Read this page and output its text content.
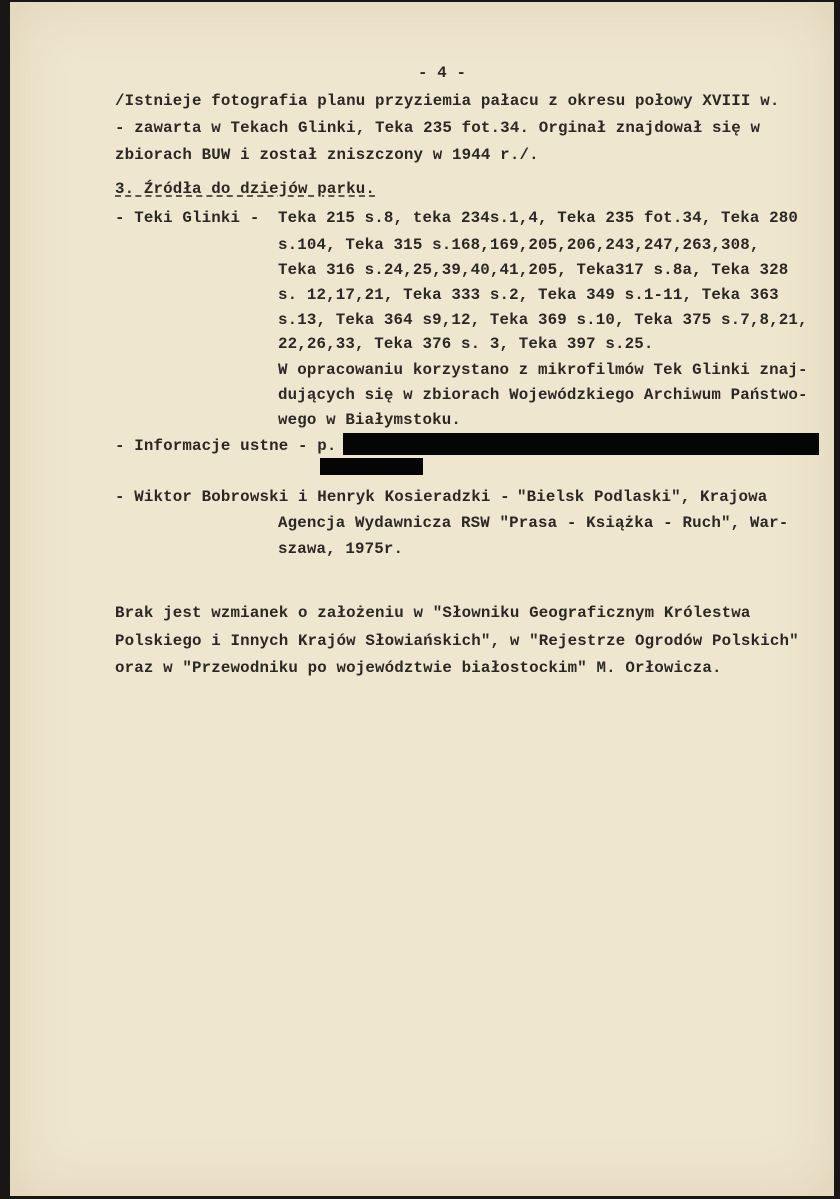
- 4 -
/Istnieje fotografia planu przyziemia pałacu z okresu połowy XVIII w.
- zawarta w Tekach Glinki, Teka 235 fot.34. Orginał znajdował się w
zbiorach BUW i został zniszczony w 1944 r./.
3. Źródła do dziejów parku.
- Teki Glinki - Teka 215 s.8, teka 234s.1,4, Teka 235 fot.34, Teka 280
s.104, Teka 315 s.168,169,205,206,243,247,263,308,
Teka 316 s.24,25,39,40,41,205, Teka317 s.8a, Teka 328
s. 12,17,21, Teka 333 s.2, Teka 349 s.1-11, Teka 363
s.13, Teka 364 s9,12, Teka 369 s.10, Teka 375 s.7,8,21,
22,26,33, Teka 376 s. 3, Teka 397 s.25.
W opracowaniu korzystano z mikrofilmów Tek Glinki znaj-
dujących się w zbiorach Wojewódzkiego Archiwum Państwo-
wego w Białymstoku.
- Informacje ustne - p.
- Wiktor Bobrowski i Henryk Kosieradzki -
"Bielsk Podlaski", Krajowa
Agencja Wydawnicza RSW "Prasa - Książka - Ruch", War-
szawa, 1975r.
Brak jest wzmianek o założeniu w "Słowniku Geograficznym Królestwa
Polskiego i Innych Krajów Słowiańskich", w "Rejestrze Ogrodów Polskich"
oraz w "Przewodniku po województwie białostockim" M. Orłowicza.
